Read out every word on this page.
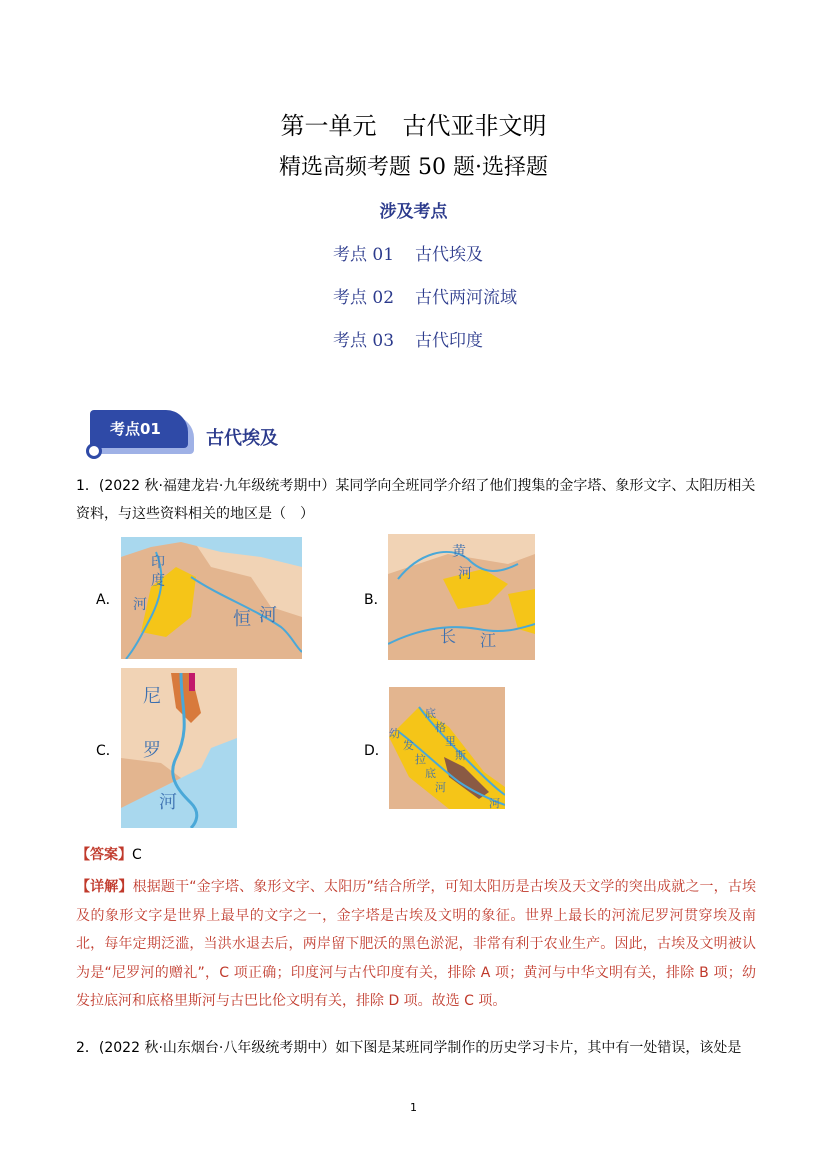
第一单元 古代亚非文明
精选高频考题 50 题·选择题
涉及考点
考点 01 古代埃及
考点 02 古代两河流域
考点 03 古代印度
考点01	古代埃及
1．(2022 秋·福建龙岩·九年级统考期中）某同学向全班同学介绍了他们搜集的金字塔、象形文字、太阳历相关资料，与这些资料相关的地区是（　）
A．
印
度
河
恒 河
B．
黄
河
长 江
C．
尼
罗
河
D．
幼
发
拉
底
河
底
格
里
斯
河
【答案】C
【详解】根据题干“金字塔、象形文字、太阳历”结合所学，可知太阳历是古埃及天文学的突出成就之一，古埃及的象形文字是世界上最早的文字之一，金字塔是古埃及文明的象征。世界上最长的河流尼罗河贯穿埃及南北，每年定期泛滥，当洪水退去后，两岸留下肥沃的黑色淤泥，非常有利于农业生产。因此，古埃及文明被认为是“尼罗河的赠礼”，C 项正确；印度河与古代印度有关，排除 A 项；黄河与中华文明有关，排除 B 项；幼发拉底河和底格里斯河与古巴比伦文明有关，排除 D 项。故选 C 项。
2．(2022 秋·山东烟台·八年级统考期中）如下图是某班同学制作的历史学习卡片，其中有一处错误，该处是
1
